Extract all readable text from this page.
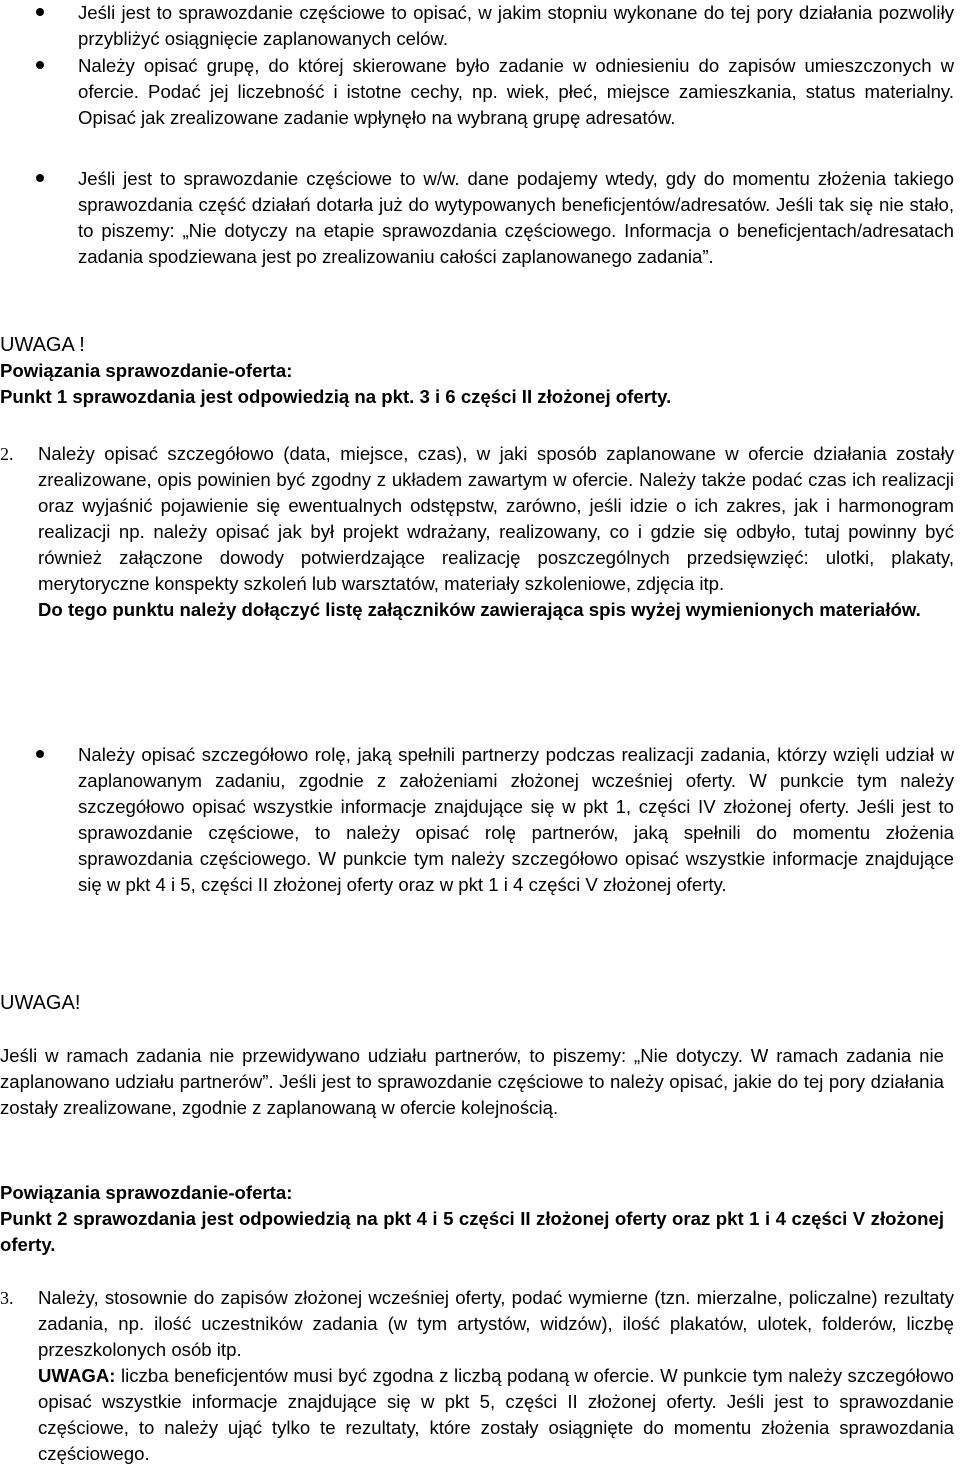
Jeśli jest to sprawozdanie częściowe to opisać, w jakim stopniu wykonane do tej pory działania pozwoliły przybliżyć osiągnięcie zaplanowanych celów.
Należy opisać grupę, do której skierowane było zadanie w odniesieniu do zapisów umieszczonych w ofercie. Podać jej liczebność i istotne cechy, np. wiek, płeć, miejsce zamieszkania, status materialny. Opisać jak zrealizowane zadanie wpłynęło na wybraną grupę adresatów.
Jeśli jest to sprawozdanie częściowe to w/w. dane podajemy wtedy, gdy do momentu złożenia takiego sprawozdania część działań dotarła już do wytypowanych beneficjentów/adresatów. Jeśli tak się nie stało, to piszemy: „Nie dotyczy na etapie sprawozdania częściowego. Informacja o beneficjentach/adresatach zadania spodziewana jest po zrealizowaniu całości zaplanowanego zadania”.
UWAGA !
Powiązania sprawozdanie-oferta:
Punkt 1 sprawozdania jest odpowiedzią na pkt. 3 i 6 części II złożonej oferty.
2. Należy opisać szczegółowo (data, miejsce, czas), w jaki sposób zaplanowane w ofercie działania zostały zrealizowane, opis powinien być zgodny z układem zawartym w ofercie. Należy także podać czas ich realizacji oraz wyjaśnić pojawienie się ewentualnych odstępstw, zarówno, jeśli idzie o ich zakres, jak i harmonogram realizacji np. należy opisać jak był projekt wdrażany, realizowany, co i gdzie się odbyło, tutaj powinny być również załączone dowody potwierdzające realizację poszczególnych przedsięwzięć: ulotki, plakaty, merytoryczne konspekty szkoleń lub warsztatów, materiały szkoleniowe, zdjęcia itp.
Do tego punktu należy dołączyć listę załączników zawierająca spis wyżej wymienionych materiałów.
Należy opisać szczegółowo rolę, jaką spełnili partnerzy podczas realizacji zadania, którzy wzięli udział w zaplanowanym zadaniu, zgodnie z założeniami złożonej wcześniej oferty. W punkcie tym należy szczegółowo opisać wszystkie informacje znajdujące się w pkt 1, części IV złożonej oferty. Jeśli jest to sprawozdanie częściowe, to należy opisać rolę partnerów, jaką spełnili do momentu złożenia sprawozdania częściowego. W punkcie tym należy szczegółowo opisać wszystkie informacje znajdujące się w pkt 4 i 5, części II złożonej oferty oraz w pkt 1 i 4 części V złożonej oferty.
UWAGA!
Jeśli w ramach zadania nie przewidywano udziału partnerów, to piszemy: „Nie dotyczy. W ramach zadania nie zaplanowano udziału partnerów”. Jeśli jest to sprawozdanie częściowe to należy opisać, jakie do tej pory działania zostały zrealizowane, zgodnie z zaplanowaną w ofercie kolejnością.
Powiązania sprawozdanie-oferta:
Punkt 2 sprawozdania jest odpowiedzią na pkt 4 i 5 części II złożonej oferty oraz pkt 1 i 4 części V złożonej oferty.
3. Należy, stosownie do zapisów złożonej wcześniej oferty, podać wymierne (tzn. mierzalne, policzalne) rezultaty zadania, np. ilość uczestników zadania (w tym artystów, widzów), ilość plakatów, ulotek, folderów, liczbę przeszkolonych osób itp.
UWAGA: liczba beneficjentów musi być zgodna z liczbą podaną w ofercie. W punkcie tym należy szczegółowo opisać wszystkie informacje znajdujące się w pkt 5, części II złożonej oferty. Jeśli jest to sprawozdanie częściowe, to należy ująć tylko te rezultaty, które zostały osiągnięte do momentu złożenia sprawozdania częściowego.
